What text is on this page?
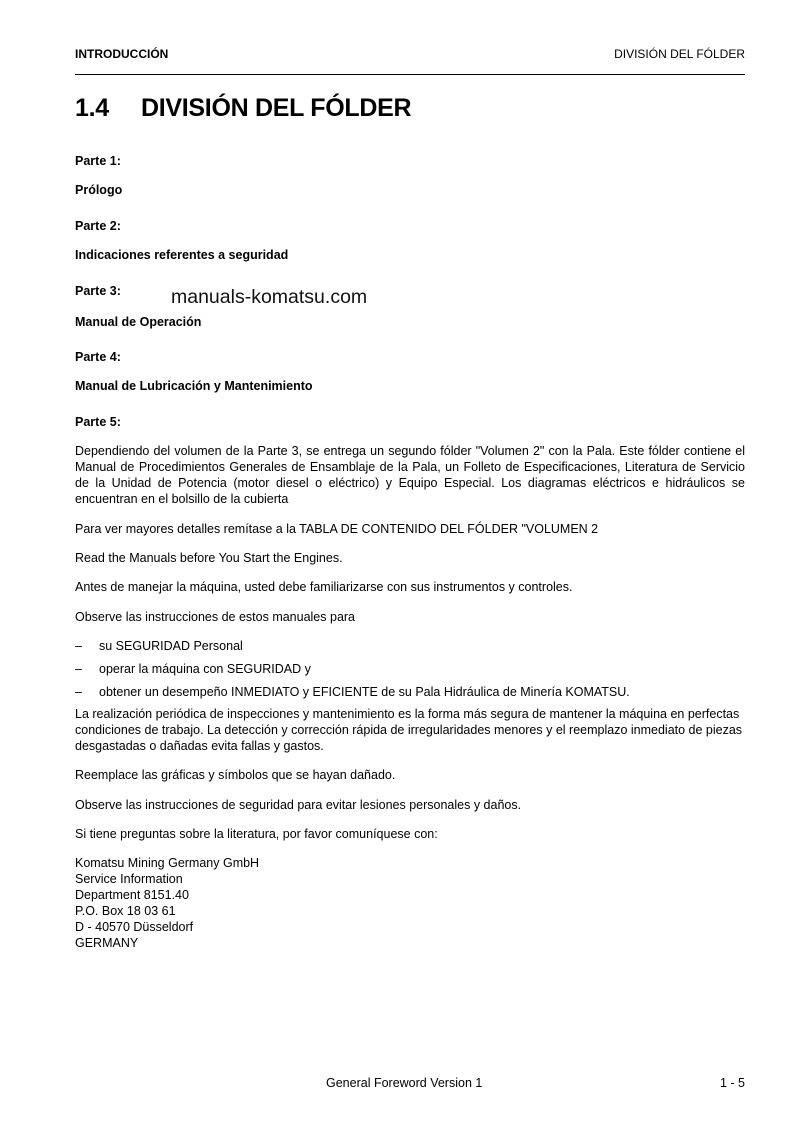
INTRODUCCIÓN	DIVISIÓN DEL FÓLDER
1.4 DIVISIÓN DEL FÓLDER
Parte 1:
Prólogo
Parte 2:
Indicaciones referentes a seguridad
Parte 3:	manuals-komatsu.com
Manual de Operación
Parte 4:
Manual de Lubricación y Mantenimiento
Parte 5:
Dependiendo del volumen de la Parte 3, se entrega un segundo fólder "Volumen 2" con la Pala. Este fólder contiene el Manual de Procedimientos Generales de Ensamblaje de la Pala, un Folleto de Especificaciones, Literatura de Servicio de la Unidad de Potencia (motor diesel o eléctrico) y Equipo Especial. Los diagramas eléctricos e hidráulicos se encuentran en el bolsillo de la cubierta
Para ver mayores detalles remítase a la TABLA DE CONTENIDO DEL FÓLDER "VOLUMEN 2
Read the Manuals before You Start the Engines.
Antes de manejar la máquina, usted debe familiarizarse con sus instrumentos y controles.
Observe las instrucciones de estos manuales para
– su SEGURIDAD Personal
– operar la máquina con SEGURIDAD y
– obtener un desempeño INMEDIATO y EFICIENTE de su Pala Hidráulica de Minería KOMATSU.
La realización periódica de inspecciones y mantenimiento es la forma más segura de mantener la máquina en perfectas condiciones de trabajo. La detección y corrección rápida de irregularidades menores y el reemplazo inmediato de piezas desgastadas o dañadas evita fallas y gastos.
Reemplace las gráficas y símbolos que se hayan dañado.
Observe las instrucciones de seguridad para evitar lesiones personales y daños.
Si tiene preguntas sobre la literatura, por favor comuníquese con:
Komatsu Mining Germany GmbH
Service Information
Department 8151.40
P.O. Box 18 03 61
D - 40570 Düsseldorf
GERMANY
General Foreword Version 1	1 - 5
